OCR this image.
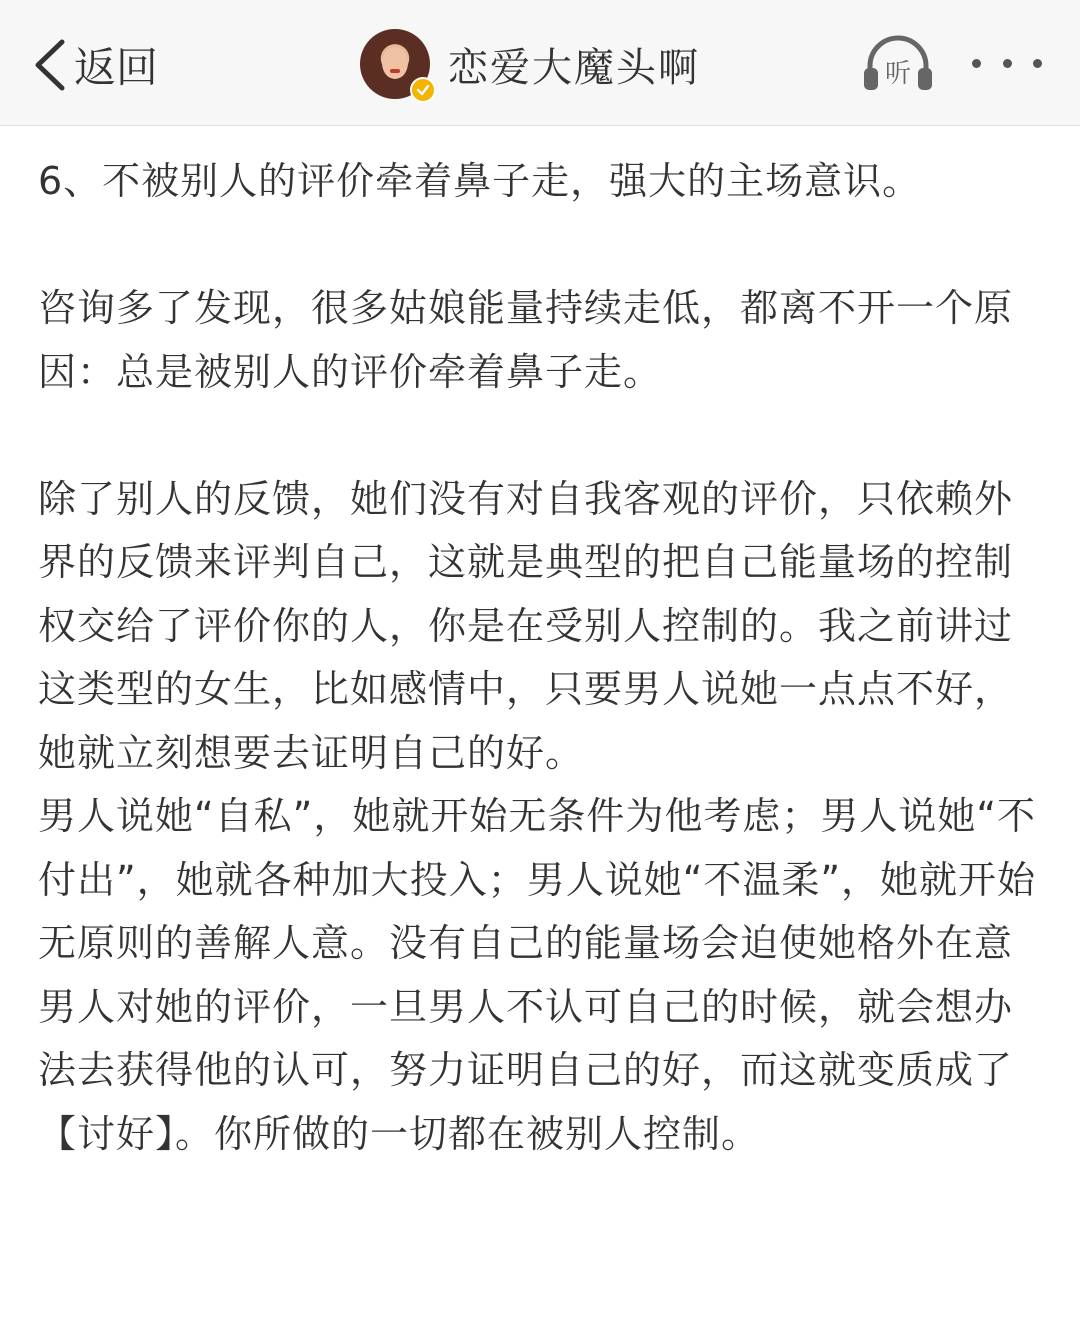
返回	恋爱大魔头啊	听

6、不被别人的评价牵着鼻子走，强大的主场意识。

咨询多了发现，很多姑娘能量持续走低，都离不开一个原因：总是被别人的评价牵着鼻子走。

除了别人的反馈，她们没有对自我客观的评价，只依赖外界的反馈来评判自己，这就是典型的把自己能量场的控制权交给了评价你的人，你是在受别人控制的。我之前讲过这类型的女生，比如感情中，只要男人说她一点点不好，她就立刻想要去证明自己的好。

男人说她“自私”，她就开始无条件为他考虑；男人说她“不付出”，她就各种加大投入；男人说她“不温柔”，她就开始无原则的善解人意。没有自己的能量场会迫使她格外在意男人对她的评价，一旦男人不认可自己的时候，就会想办法去获得他的认可，努力证明自己的好，而这就变质成了【讨好】。你所做的一切都在被别人控制。
